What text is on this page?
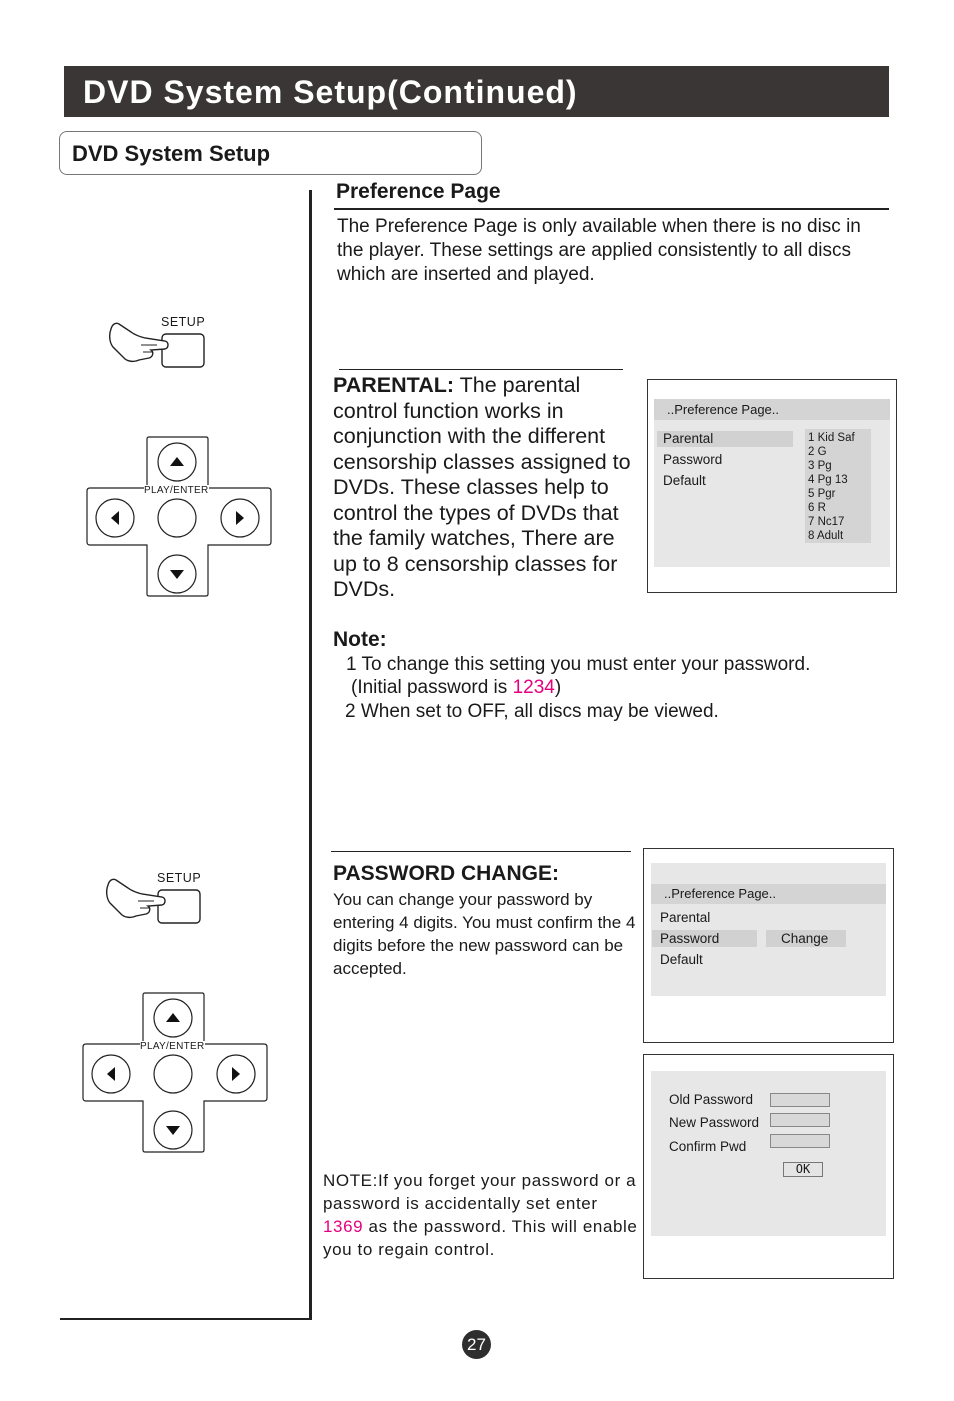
DVD System Setup(Continued)
DVD System Setup
Preference Page
The Preference Page is only available when there is no disc in the player. These settings are applied consistently to all discs which are inserted and played.
SETUP
PLAY/ENTER
PARENTAL: The parental control function works in conjunction with the different censorship classes assigned to DVDs. These classes help to control the types of DVDs that the family watches, There are up to 8 censorship classes for DVDs.
..Preference Page..
Parental
Password
Default
1 Kid Saf
2 G
3 Pg
4 Pg 13
5 Pgr
6 R
7 Nc17
8 Adult
Note:
1 To change this setting you must enter your password.
(Initial password is 1234)
2 When set to OFF, all discs may be viewed.
SETUP
PLAY/ENTER
PASSWORD CHANGE:
You can change your password by entering 4 digits. You must confirm the 4 digits before the new password can be accepted.
..Preference Page..
Parental
Password	Change
Default
Old Password
New Password
Confirm Pwd
OK
NOTE:If you forget your password or a password is accidentally set enter 1369 as the password. This will enable you to regain control.
27
